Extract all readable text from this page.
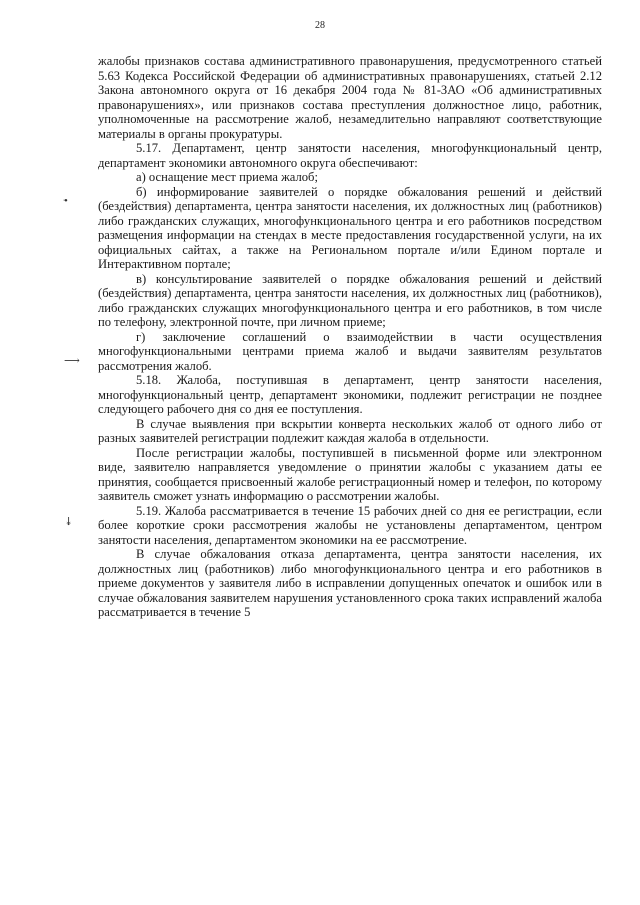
28
•ּ
⟶
↡

жалобы признаков состава административного правонарушения, предусмотренного статьей 5.63 Кодекса Российской Федерации об административных правонарушениях, статьей 2.12 Закона автономного округа от 16 декабря 2004 года № 81-ЗАО «Об административных правонарушениях», или признаков состава преступления должностное лицо, работник, уполномоченные на рассмотрение жалоб, незамедлительно направляют соответствующие материалы в органы прокуратуры.

5.17. Департамент, центр занятости населения, многофункциональный центр, департамент экономики автономного округа обеспечивают:

а) оснащение мест приема жалоб;

б) информирование заявителей о порядке обжалования решений и действий (бездействия) департамента, центра занятости населения, их должностных лиц (работников) либо гражданских служащих, многофункционального центра и его работников посредством размещения информации на стендах в месте предоставления государственной услуги, на их официальных сайтах, а также на Региональном портале и/или Едином портале и Интерактивном портале;

в) консультирование заявителей о порядке обжалования решений и действий (бездействия) департамента, центра занятости населения, их должностных лиц (работников), либо гражданских служащих многофункционального центра и его работников, в том числе по телефону, электронной почте, при личном приеме;

г) заключение соглашений о взаимодействии в части осуществления многофункциональными центрами приема жалоб и выдачи заявителям результатов рассмотрения жалоб.

5.18. Жалоба, поступившая в департамент, центр занятости населения, многофункциональный центр, департамент экономики, подлежит регистрации не позднее следующего рабочего дня со дня ее поступления.

В случае выявления при вскрытии конверта нескольких жалоб от одного либо от разных заявителей регистрации подлежит каждая жалоба в отдельности.

После регистрации жалобы, поступившей в письменной форме или электронном виде, заявителю направляется уведомление о принятии жалобы с указанием даты ее принятия, сообщается присвоенный жалобе регистрационный номер и телефон, по которому заявитель сможет узнать информацию о рассмотрении жалобы.

5.19. Жалоба рассматривается в течение 15 рабочих дней со дня ее регистрации, если более короткие сроки рассмотрения жалобы не установлены департаментом, центром занятости населения, департаментом экономики на ее рассмотрение.

В случае обжалования отказа департамента, центра занятости населения, их должностных лиц (работников) либо многофункционального центра и его работников в приеме документов у заявителя либо в исправлении допущенных опечаток и ошибок или в случае обжалования заявителем нарушения установленного срока таких исправлений жалоба рассматривается в течение 5
